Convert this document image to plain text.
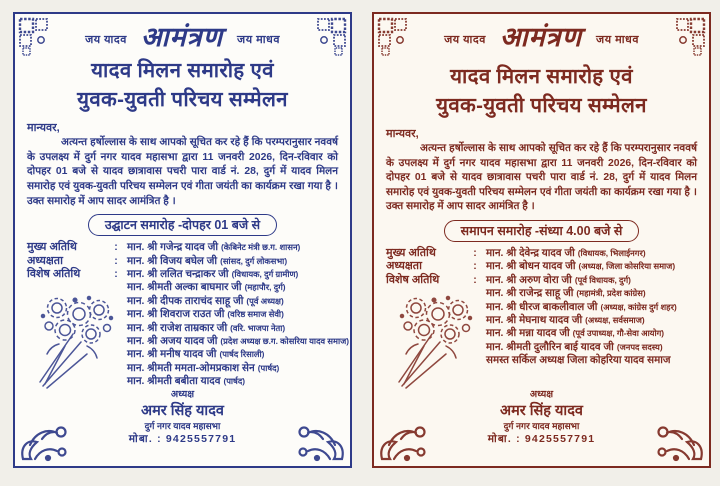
जय यादव आमंत्रण जय माधव
यादव मिलन समारोह एवं
युवक-युवती परिचय सम्मेलन
मान्यवर,
अत्यन्त हर्षोल्लास के साथ आपको सूचित कर रहे हैं कि परम्परानुसार नववर्ष के उपलक्ष्य में दुर्ग नगर यादव महासभा द्वारा 11 जनवरी 2026, दिन-रविवार को दोपहर 01 बजे से यादव छात्रावास पचरी पारा वार्ड नं. 28, दुर्ग में यादव मिलन समारोह एवं युवक-युवती परिचय सम्मेलन एवं गीता जयंती का कार्यक्रम रखा गया है । उक्त समारोह में आप सादर आमंत्रित है ।
उद्घाटन समारोह -दोपहर 01 बजे से
मुख्य अतिथि	: मान. श्री गजेन्द्र यादव जी (केबिनेट मंत्री छ.ग. शासन)
अध्यक्षता	: मान. श्री विजय बघेल जी (सांसद, दुर्ग लोकसभा)
विशेष अतिथि	: मान. श्री ललित चन्द्राकर जी (विधायक, दुर्ग ग्रामीण)
मान. श्रीमती अल्का बाघमार जी (महापौर, दुर्ग)
मान. श्री दीपक ताराचंद साहू जी (पूर्व अध्यक्ष)
मान. श्री शिवराज राउत जी (वरिष्ठ समाज सेवी)
मान. श्री राजेश ताम्रकार जी (वरि. भाजपा नेता)
मान. श्री अजय यादव जी (प्रदेश अध्यक्ष छ.ग. कोसरिया यादव समाज)
मान. श्री मनीष यादव जी (पार्षद रिसाली)
मान. श्रीमती ममता-ओमप्रकाश सेन (पार्षद)
मान. श्रीमती बबीता यादव (पार्षद)
अध्यक्ष
अमर सिंह यादव
दुर्ग नगर यादव महासभा
मोबा. : 9425557791
जय यादव आमंत्रण जय माधव
यादव मिलन समारोह एवं
युवक-युवती परिचय सम्मेलन
मान्यवर,
अत्यन्त हर्षोल्लास के साथ आपको सूचित कर रहे हैं कि परम्परानुसार नववर्ष के उपलक्ष्य में दुर्ग नगर यादव महासभा द्वारा 11 जनवरी 2026, दिन-रविवार को दोपहर 01 बजे से यादव छात्रावास पचरी पारा वार्ड नं. 28, दुर्ग में यादव मिलन समारोह एवं युवक-युवती परिचय सम्मेलन एवं गीता जयंती का कार्यक्रम रखा गया है । उक्त समारोह में आप सादर आमंत्रित है ।
समापन समारोह -संध्या 4.00 बजे से
मुख्य अतिथि	: मान. श्री देवेन्द्र यादव जी (विधायक, भिलाईनगर)
अध्यक्षता	: मान. श्री बोधन यादव जी (अध्यक्ष, जिला कोसरिया समाज)
विशेष अतिथि	: मान. श्री अरुण वोरा जी (पूर्व विधायक, दुर्ग)
मान. श्री राजेन्द्र साहू जी (महामंत्री, प्रदेश कांग्रेस)
मान. श्री धीरज बाकलीवाल जी (अध्यक्ष, कांग्रेस दुर्ग शहर)
मान. श्री मेघनाथ यादव जी (अध्यक्ष, सर्वसमाज)
मान. श्री मन्ना यादव जी (पूर्व उपाध्यक्ष, गौ-सेवा आयोग)
मान. श्रीमती दुलौरिन बाई यादव जी (जनपद सदस्य)
समस्त सर्किल अध्यक्ष जिला कोहरिया यादव समाज
अध्यक्ष
अमर सिंह यादव
दुर्ग नगर यादव महासभा
मोबा. : 9425557791
